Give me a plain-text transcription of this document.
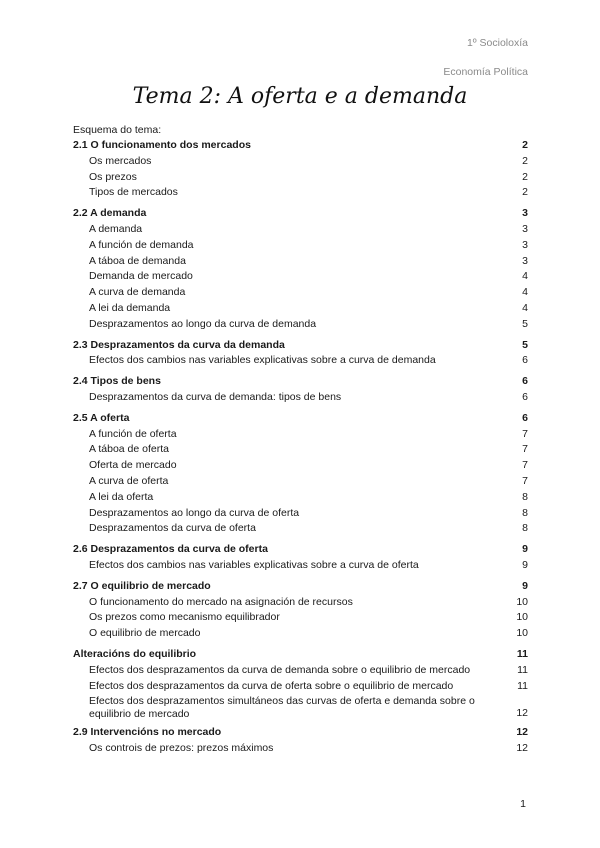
1º Socioloxía
Economía Política
Tema 2: A oferta e a demanda
Esquema do tema:
2.1 O funcionamento dos mercados	2
Os mercados	2
Os prezos	2
Tipos de mercados	2
2.2 A demanda	3
A demanda	3
A función de demanda	3
A táboa de demanda	3
Demanda de mercado	4
A curva de demanda	4
A lei da demanda	4
Desprazamentos ao longo da curva de demanda	5
2.3 Desprazamentos da curva da demanda	5
Efectos dos cambios nas variables explicativas sobre a curva de demanda	6
2.4 Tipos de bens	6
Desprazamentos da curva de demanda: tipos de bens	6
2.5 A oferta	6
A función de oferta	7
A táboa de oferta	7
Oferta de mercado	7
A curva de oferta	7
A lei da oferta	8
Desprazamentos ao longo da curva de oferta	8
Desprazamentos da curva de oferta	8
2.6 Desprazamentos da curva de oferta	9
Efectos dos cambios nas variables explicativas sobre a curva de oferta	9
2.7 O equilibrio de mercado	9
O funcionamento do mercado na asignación de recursos	10
Os prezos como mecanismo equilibrador	10
O equilibrio de mercado	10
Alteracións do equilibrio	11
Efectos dos desprazamentos da curva de demanda sobre o equilibrio de mercado	11
Efectos dos desprazamentos da curva de oferta sobre o equilibrio de mercado	11
Efectos dos desprazamentos simultáneos das curvas de oferta e demanda sobre o equilibrio de mercado	12
2.9 Intervencións no mercado	12
Os controis de prezos: prezos máximos	12
1
